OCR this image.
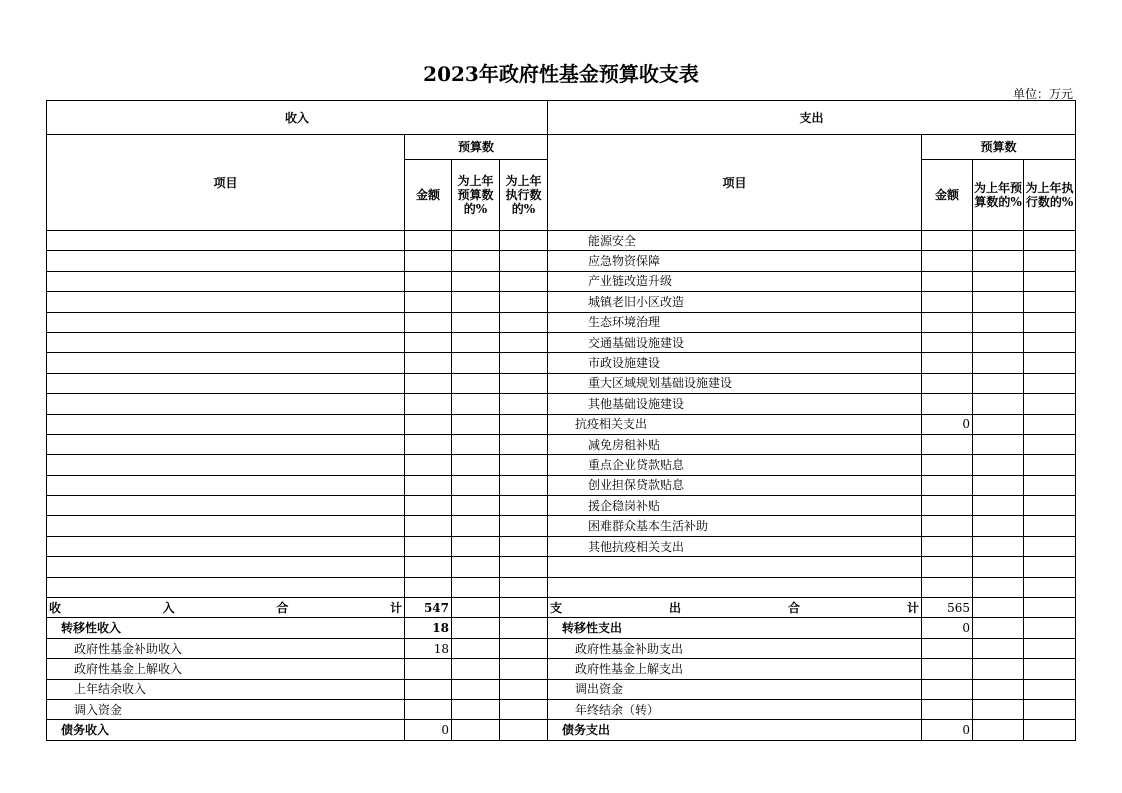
2023年政府性基金预算收支表
单位：万元
收入				支出			
项目	预算数			项目	预算数		
	金额	为上年预算数的%	为上年执行数的%		金额	为上年预算数的%	为上年执行数的%
				能源安全			
				应急物资保障			
				产业链改造升级			
				城镇老旧小区改造			
				生态环境治理			
				交通基础设施建设			
				市政设施建设			
				重大区域规划基础设施建设			
				其他基础设施建设			
				抗疫相关支出	0		
				减免房租补贴			
				重点企业贷款贴息			
				创业担保贷款贴息			
				援企稳岗补贴			
				困难群众基本生活补助			
				其他抗疫相关支出			

收 入 合 计	547			支 出 合 计	565		
转移性收入	18			转移性支出	0		
政府性基金补助收入	18			政府性基金补助支出			
政府性基金上解收入				政府性基金上解支出			
上年结余收入				调出资金			
调入资金				年终结余（转）			
债务收入	0			债务支出	0		
